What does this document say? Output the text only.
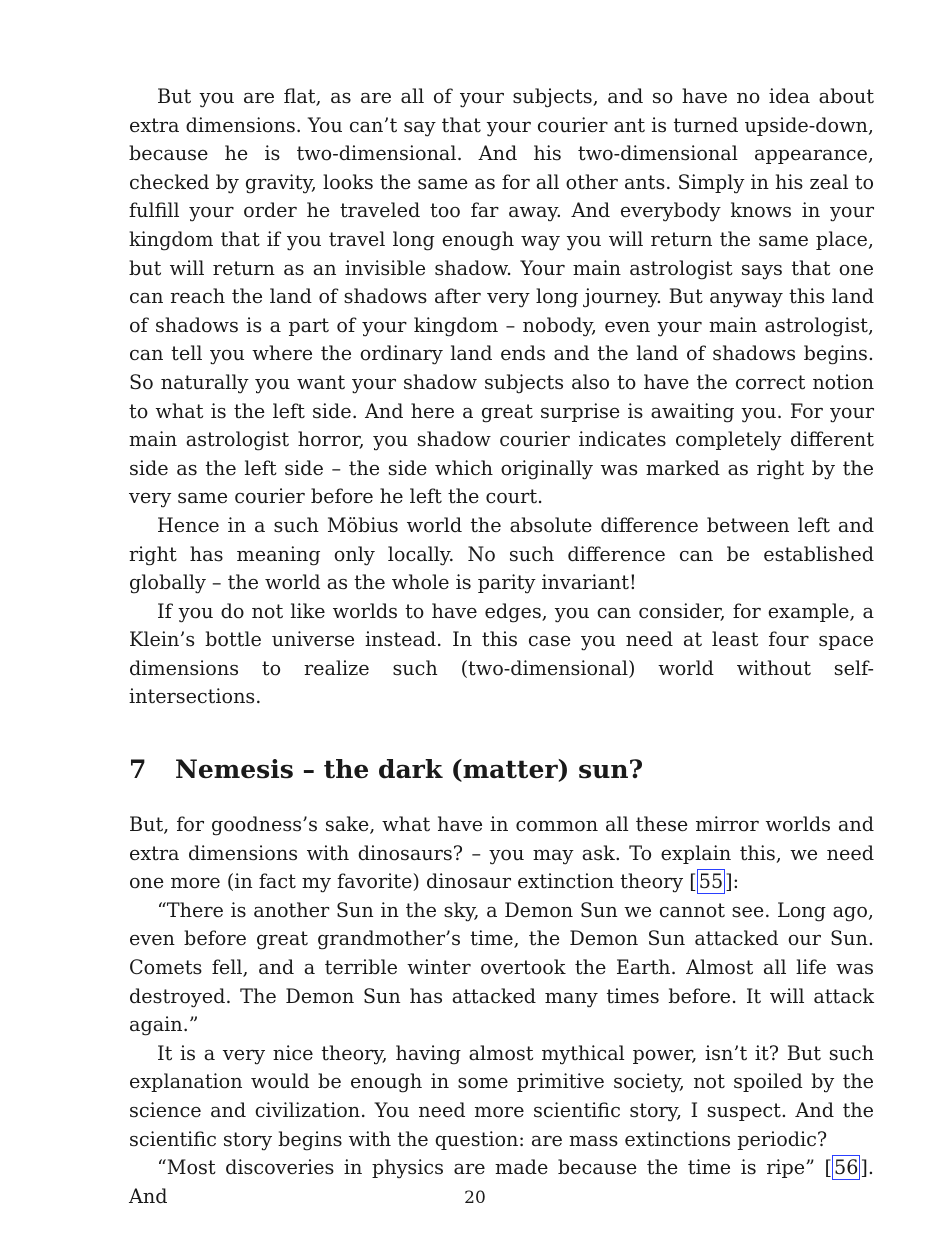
But you are flat, as are all of your subjects, and so have no idea about extra dimensions. You can’t say that your courier ant is turned upside-down, because he is two-dimensional. And his two-dimensional appearance, checked by gravity, looks the same as for all other ants. Simply in his zeal to fulfill your order he traveled too far away. And everybody knows in your kingdom that if you travel long enough way you will return the same place, but will return as an invisible shadow. Your main astrologist says that one can reach the land of shadows after very long journey. But anyway this land of shadows is a part of your kingdom – nobody, even your main astrologist, can tell you where the ordinary land ends and the land of shadows begins. So naturally you want your shadow subjects also to have the correct notion to what is the left side. And here a great surprise is awaiting you. For your main astrologist horror, you shadow courier indicates completely different side as the left side – the side which originally was marked as right by the very same courier before he left the court.

Hence in a such Möbius world the absolute difference between left and right has meaning only locally. No such difference can be established globally – the world as the whole is parity invariant!

If you do not like worlds to have edges, you can consider, for example, a Klein’s bottle universe instead. In this case you need at least four space dimensions to realize such (two-dimensional) world without self-intersections.

7 Nemesis – the dark (matter) sun?

But, for goodness’s sake, what have in common all these mirror worlds and extra dimensions with dinosaurs? – you may ask. To explain this, we need one more (in fact my favorite) dinosaur extinction theory [ 55 ]:

“There is another Sun in the sky, a Demon Sun we cannot see. Long ago, even before great grandmother’s time, the Demon Sun attacked our Sun. Comets fell, and a terrible winter overtook the Earth. Almost all life was destroyed. The Demon Sun has attacked many times before. It will attack again.”

It is a very nice theory, having almost mythical power, isn’t it? But such explanation would be enough in some primitive society, not spoiled by the science and civilization. You need more scientific story, I suspect. And the scientific story begins with the question: are mass extinctions periodic?

“Most discoveries in physics are made because the time is ripe” [ 56 ]. And	20
